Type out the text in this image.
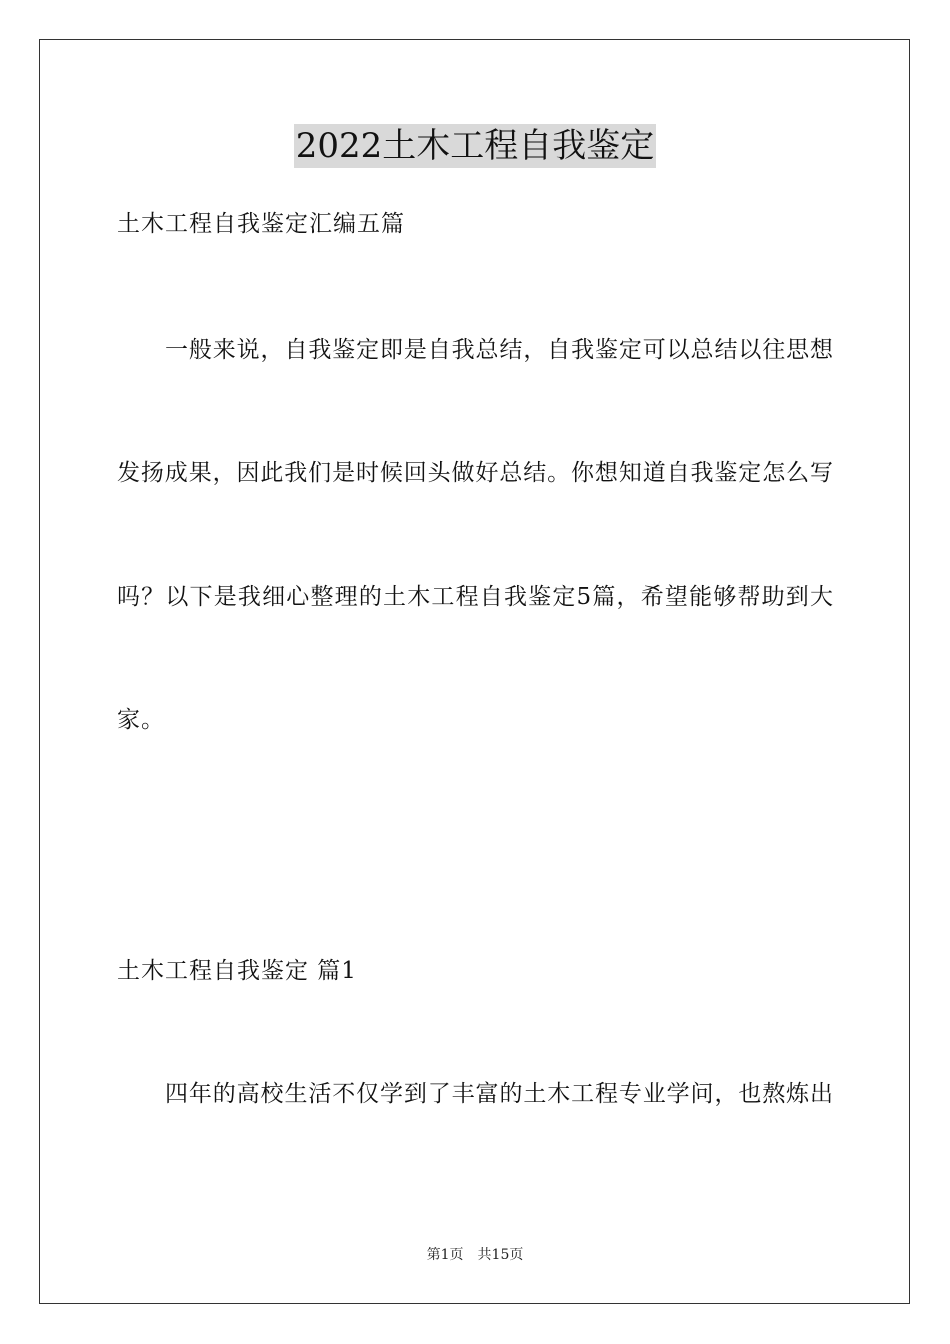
2022土木工程自我鉴定
土木工程自我鉴定汇编五篇
一般来说，自我鉴定即是自我总结，自我鉴定可以总结以往思想
发扬成果，因此我们是时候回头做好总结。你想知道自我鉴定怎么写
吗？以下是我细心整理的土木工程自我鉴定5篇，希望能够帮助到大
家。
土木工程自我鉴定 篇1
四年的高校生活不仅学到了丰富的土木工程专业学问，也熬炼出
第1页 共15页
